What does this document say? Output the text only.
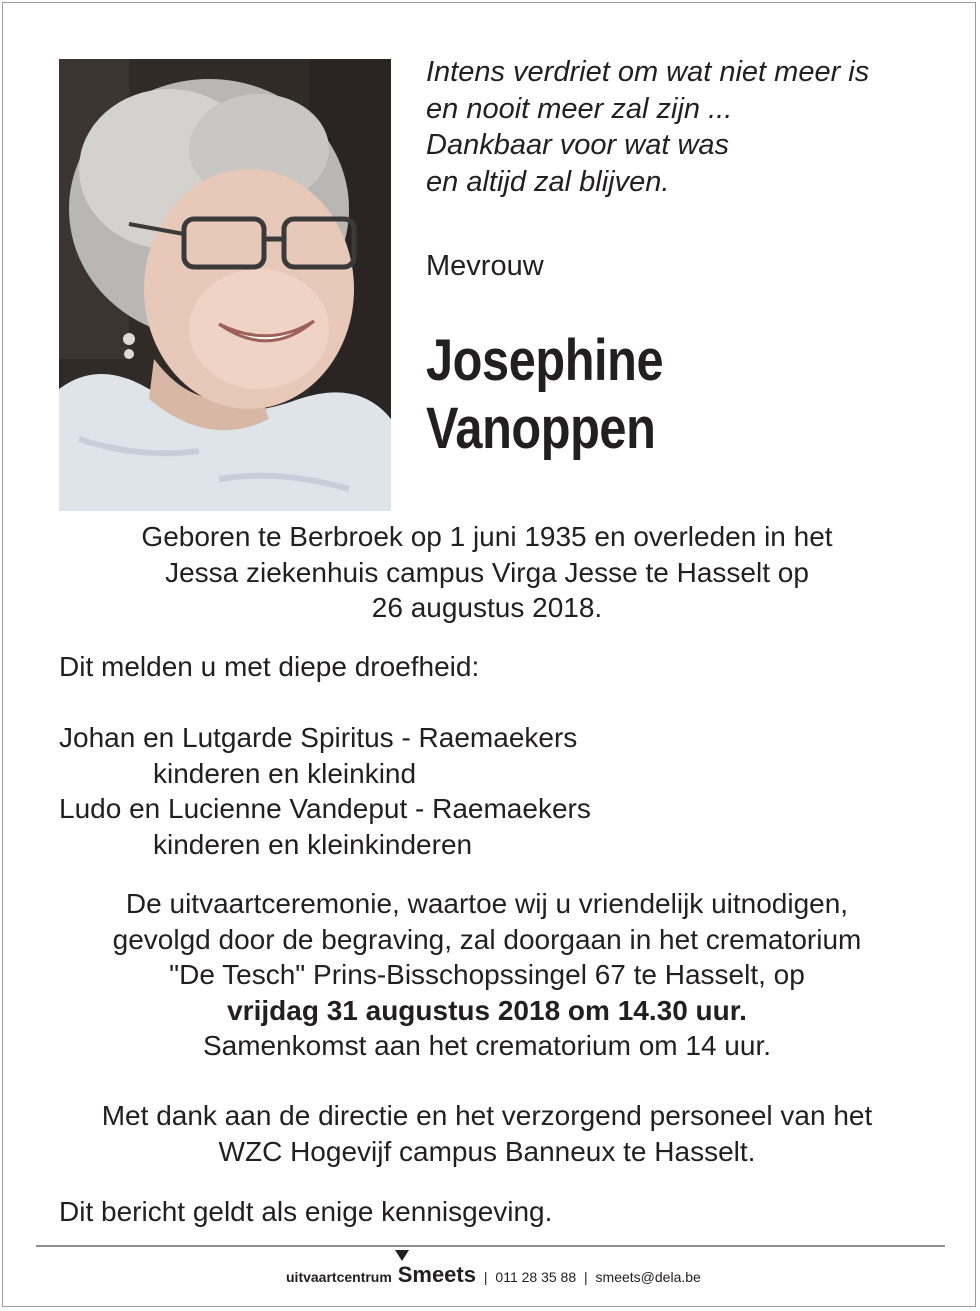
Intens verdriet om wat niet meer is
en nooit meer zal zijn ...
Dankbaar voor wat was
en altijd zal blijven.
Mevrouw
Josephine
Vanoppen
Geboren te Berbroek op 1 juni 1935 en overleden in het
Jessa ziekenhuis campus Virga Jesse te Hasselt op
26 augustus 2018.
Dit melden u met diepe droefheid:
Johan en Lutgarde Spiritus - Raemaekers
kinderen en kleinkind
Ludo en Lucienne Vandeput - Raemaekers
kinderen en kleinkinderen
De uitvaartceremonie, waartoe wij u vriendelijk uitnodigen,
gevolgd door de begraving, zal doorgaan in het crematorium
"De Tesch" Prins-Bisschopssingel 67 te Hasselt, op
vrijdag 31 augustus 2018 om 14.30 uur.
Samenkomst aan het crematorium om 14 uur.
Met dank aan de directie en het verzorgend personeel van het
WZC Hogevijf campus Banneux te Hasselt.
Dit bericht geldt als enige kennisgeving.
uitvaartcentrum Smeets | 011 28 35 88 | smeets@dela.be
